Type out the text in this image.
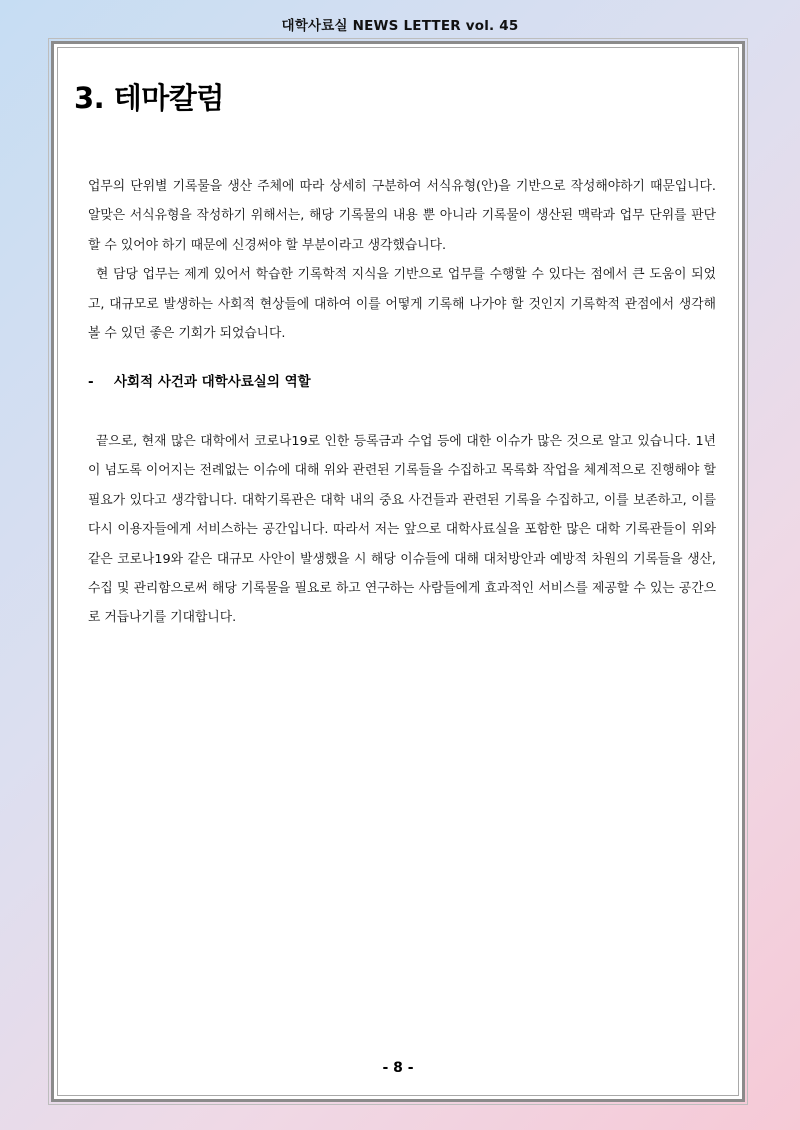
대학사료실 NEWS LETTER vol. 45
3. 테마칼럼

업무의 단위별 기록물을 생산 주체에 따라 상세히 구분하여 서식유형(안)을 기반으로 작성해야하기 때문입니다. 알맞은 서식유형을 작성하기 위해서는, 해당 기록물의 내용 뿐 아니라 기록물이 생산된 맥락과 업무 단위를 판단할 수 있어야 하기 때문에 신경써야 할 부분이라고 생각했습니다.

현 담당 업무는 제게 있어서 학습한 기록학적 지식을 기반으로 업무를 수행할 수 있다는 점에서 큰 도움이 되었고, 대규모로 발생하는 사회적 현상들에 대하여 이를 어떻게 기록해 나가야 할 것인지 기록학적 관점에서 생각해 볼 수 있던 좋은 기회가 되었습니다.

- 사회적 사건과 대학사료실의 역할

끝으로, 현재 많은 대학에서 코로나19로 인한 등록금과 수업 등에 대한 이슈가 많은 것으로 알고 있습니다. 1년이 넘도록 이어지는 전례없는 이슈에 대해 위와 관련된 기록들을 수집하고 목록화 작업을 체계적으로 진행해야 할 필요가 있다고 생각합니다. 대학기록관은 대학 내의 중요 사건들과 관련된 기록을 수집하고, 이를 보존하고, 이를 다시 이용자들에게 서비스하는 공간입니다. 따라서 저는 앞으로 대학사료실을 포함한 많은 대학 기록관들이 위와 같은 코로나19와 같은 대규모 사안이 발생했을 시 해당 이슈들에 대해 대처방안과 예방적 차원의 기록들을 생산, 수집 및 관리함으로써 해당 기록물을 필요로 하고 연구하는 사람들에게 효과적인 서비스를 제공할 수 있는 공간으로 거듭나기를 기대합니다.

- 8 -
